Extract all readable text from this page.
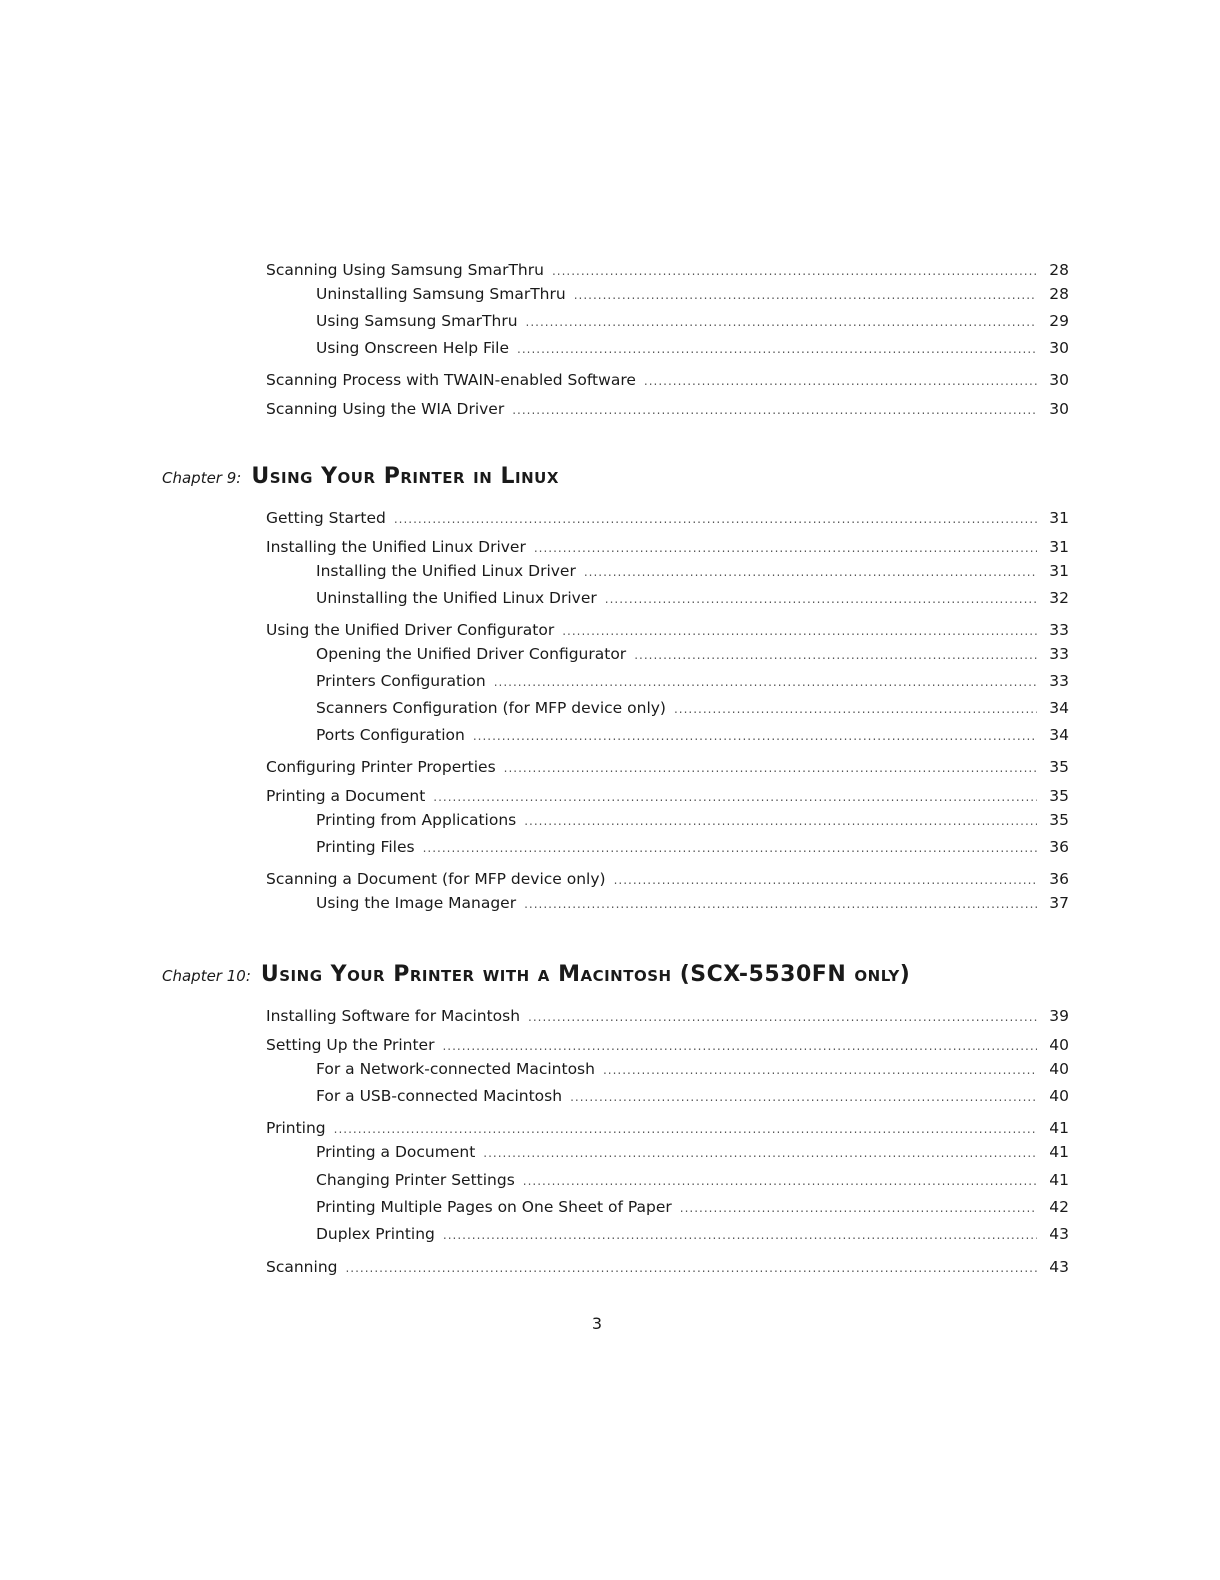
Scanning Using Samsung SmarThru .....	28
Uninstalling Samsung SmarThru .....	28
Using Samsung SmarThru .....	29
Using Onscreen Help File .....	30
Scanning Process with TWAIN-enabled Software .....	30
Scanning Using the WIA Driver .....	30
Chapter 9: Using Your Printer in Linux
Getting Started .....	31
Installing the Unified Linux Driver .....	31
Installing the Unified Linux Driver .....	31
Uninstalling the Unified Linux Driver .....	32
Using the Unified Driver Configurator .....	33
Opening the Unified Driver Configurator .....	33
Printers Configuration .....	33
Scanners Configuration (for MFP device only) .....	34
Ports Configuration .....	34
Configuring Printer Properties .....	35
Printing a Document .....	35
Printing from Applications .....	35
Printing Files .....	36
Scanning a Document (for MFP device only) .....	36
Using the Image Manager .....	37
Chapter 10: Using Your Printer with a Macintosh (SCX-5530FN only)
Installing Software for Macintosh .....	39
Setting Up the Printer .....	40
For a Network-connected Macintosh .....	40
For a USB-connected Macintosh .....	40
Printing .....	41
Printing a Document .....	41
Changing Printer Settings .....	41
Printing Multiple Pages on One Sheet of Paper .....	42
Duplex Printing .....	43
Scanning .....	43
3
